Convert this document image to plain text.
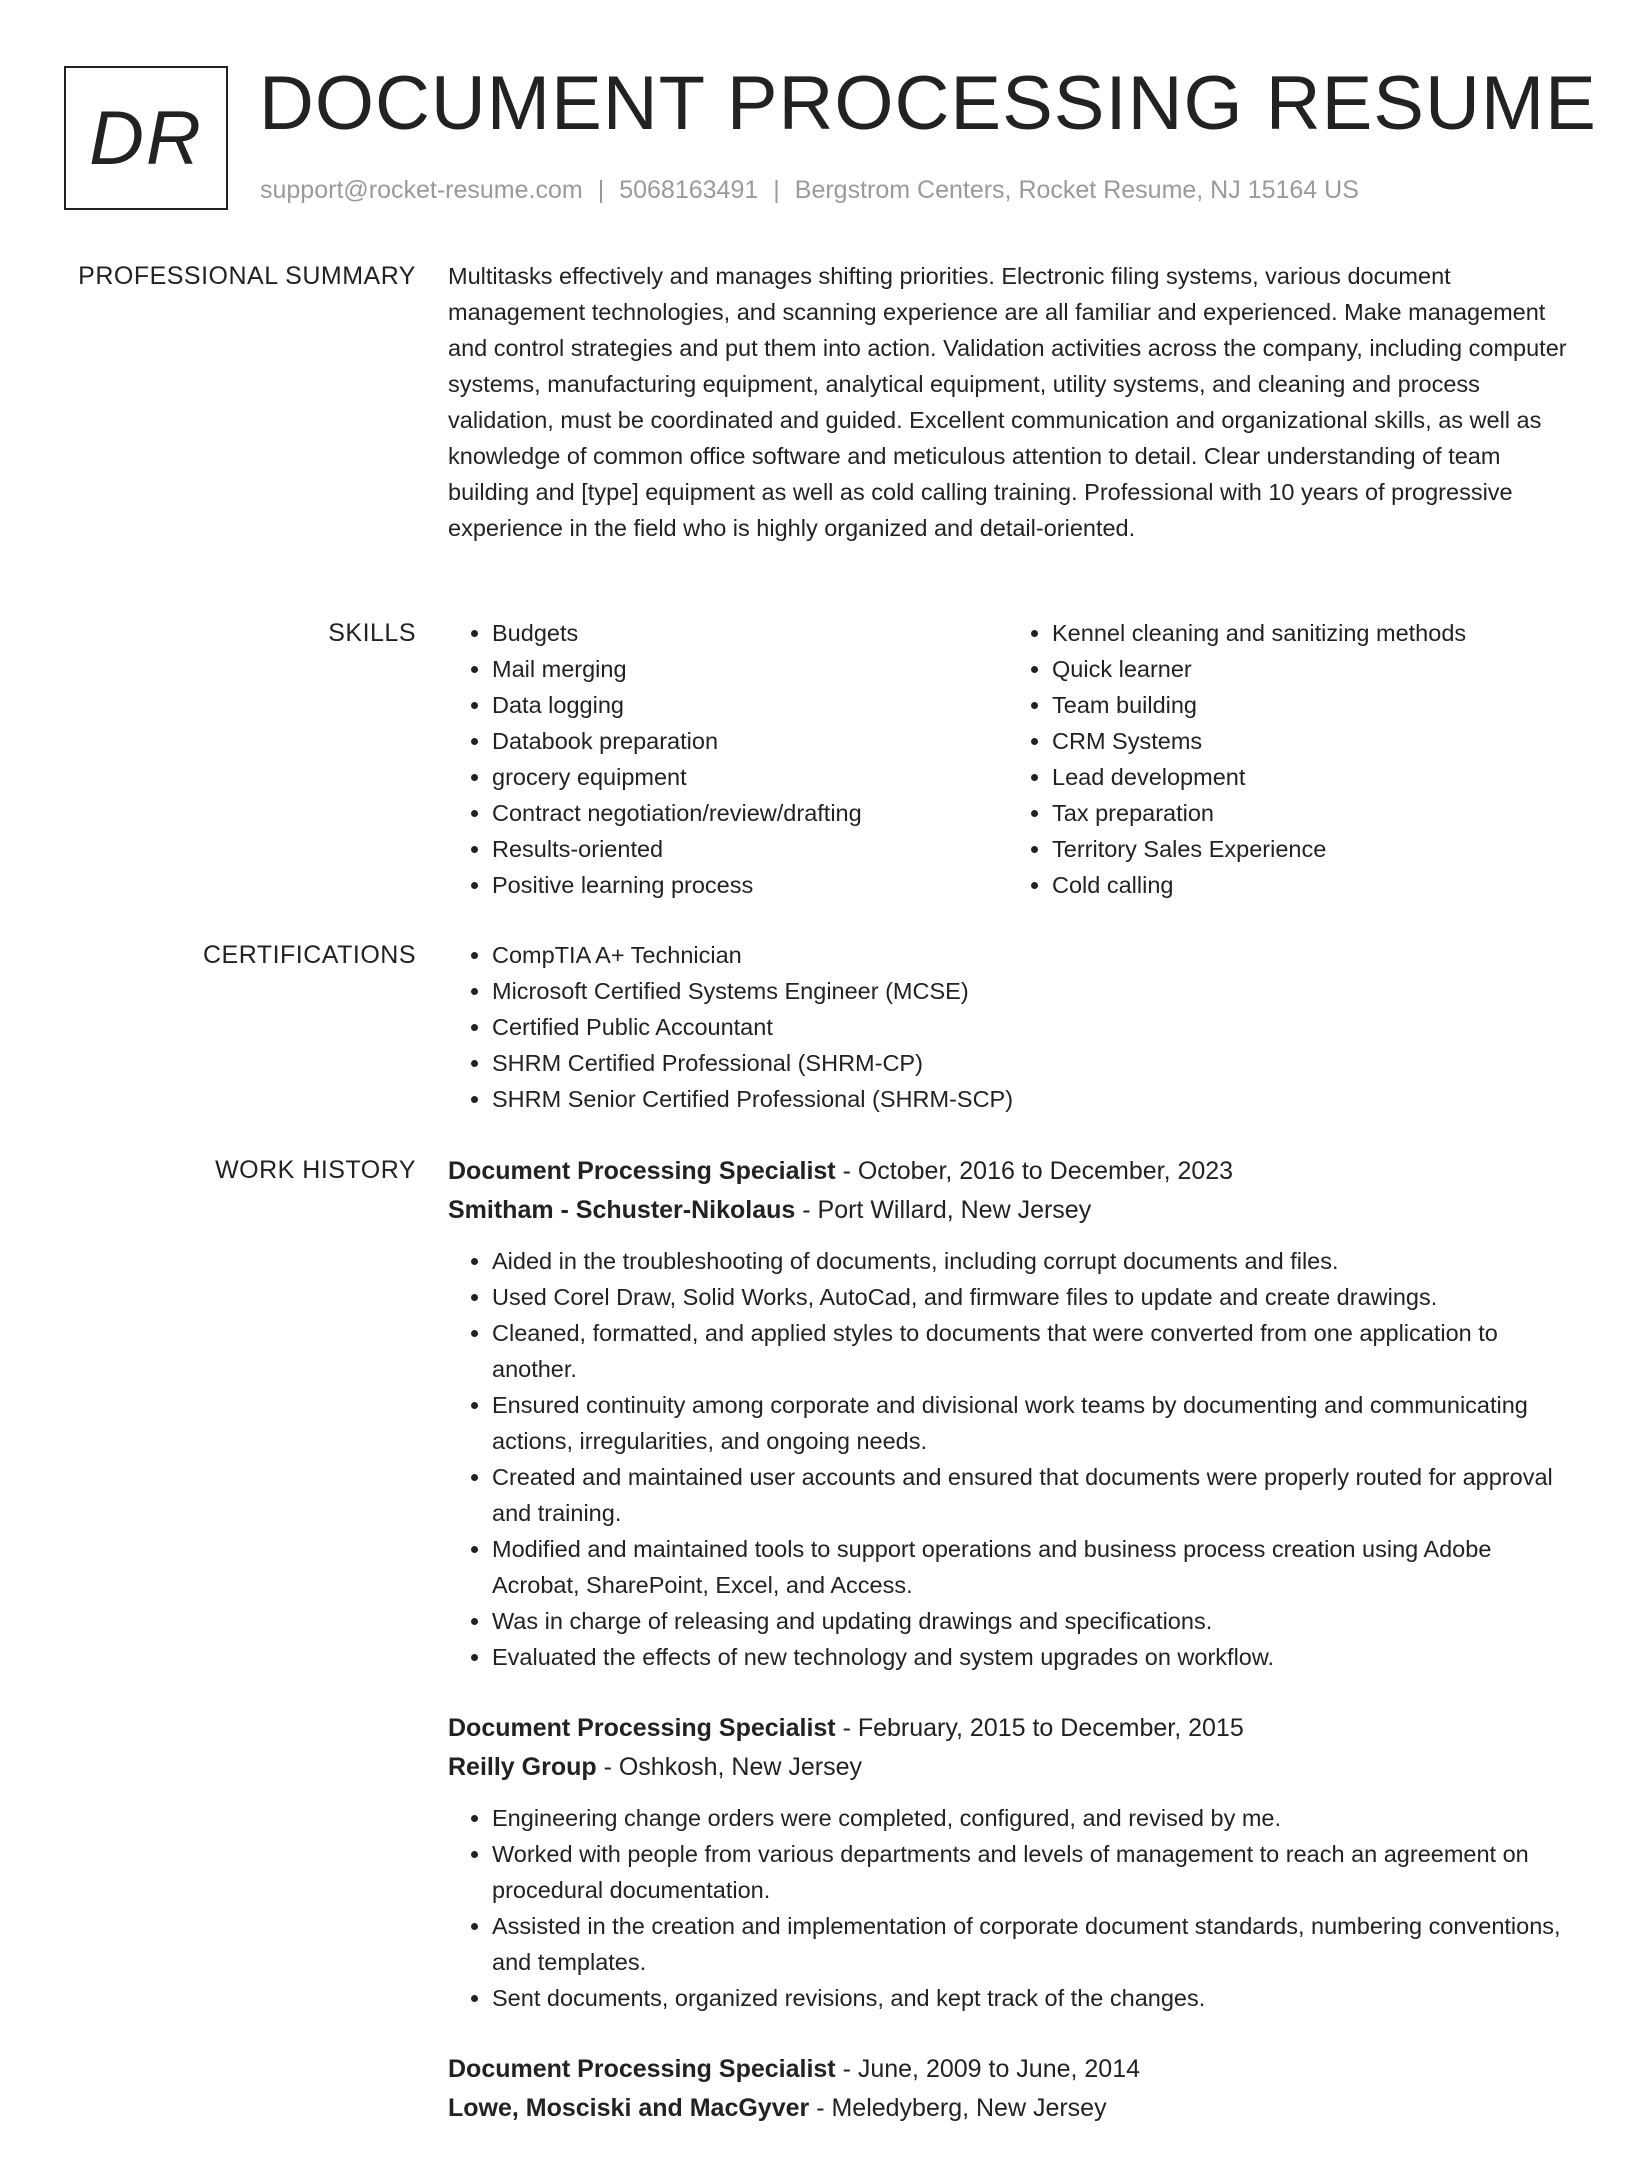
DR DOCUMENT PROCESSING RESUME
support@rocket-resume.com | 5068163491 | Bergstrom Centers, Rocket Resume, NJ 15164 US
PROFESSIONAL SUMMARY Multitasks effectively and manages shifting priorities. Electronic filing systems, various document management technologies, and scanning experience are all familiar and experienced. Make management and control strategies and put them into action. Validation activities across the company, including computer systems, manufacturing equipment, analytical equipment, utility systems, and cleaning and process validation, must be coordinated and guided. Excellent communication and organizational skills, as well as knowledge of common office software and meticulous attention to detail. Clear understanding of team building and [type] equipment as well as cold calling training. Professional with 10 years of progressive experience in the field who is highly organized and detail-oriented.

SKILLS	• Budgets
• Mail merging
• Data logging
• Databook preparation
• grocery equipment
• Contract negotiation/review/drafting
• Results-oriented
• Positive learning process
• Kennel cleaning and sanitizing methods
• Quick learner
• Team building
• CRM Systems
• Lead development
• Tax preparation
• Territory Sales Experience
• Cold calling
CERTIFICATIONS	• CompTIA A+ Technician
• Microsoft Certified Systems Engineer (MCSE)
• Certified Public Accountant
• SHRM Certified Professional (SHRM-CP)
• SHRM Senior Certified Professional (SHRM-SCP)
WORK HISTORY Document Processing Specialist - October, 2016 to December, 2023
Smitham - Schuster-Nikolaus - Port Willard, New Jersey
• Aided in the troubleshooting of documents, including corrupt documents and files.
• Used Corel Draw, Solid Works, AutoCad, and firmware files to update and create drawings.
• Cleaned, formatted, and applied styles to documents that were converted from one application to another.
• Ensured continuity among corporate and divisional work teams by documenting and communicating actions, irregularities, and ongoing needs.
• Created and maintained user accounts and ensured that documents were properly routed for approval and training.
• Modified and maintained tools to support operations and business process creation using Adobe Acrobat, SharePoint, Excel, and Access.
• Was in charge of releasing and updating drawings and specifications.
• Evaluated the effects of new technology and system upgrades on workflow.
Document Processing Specialist - February, 2015 to December, 2015
Reilly Group - Oshkosh, New Jersey
• Engineering change orders were completed, configured, and revised by me.
• Worked with people from various departments and levels of management to reach an agreement on procedural documentation.
• Assisted in the creation and implementation of corporate document standards, numbering conventions, and templates.
• Sent documents, organized revisions, and kept track of the changes.
Document Processing Specialist - June, 2009 to June, 2014
Lowe, Mosciski and MacGyver - Meledyberg, New Jersey
